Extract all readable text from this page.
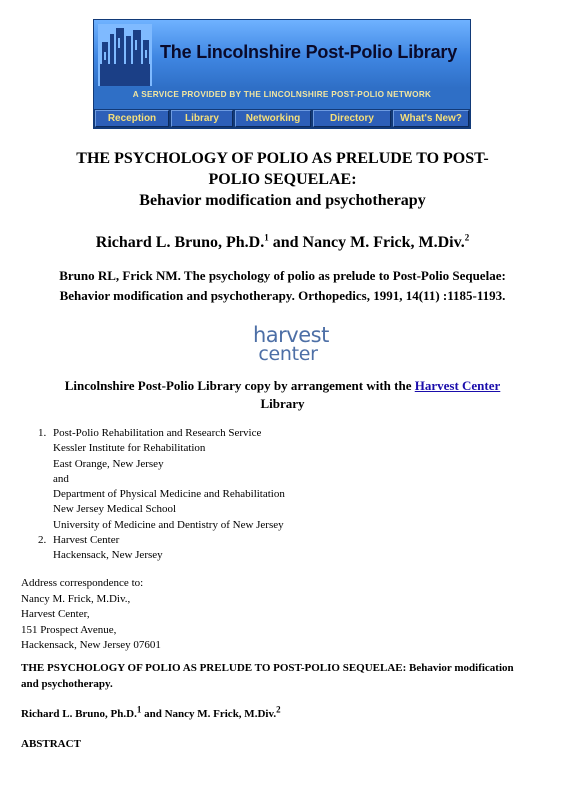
The Lincolnshire Post-Polio Library
A SERVICE PROVIDED BY THE LINCOLNSHIRE POST-POLIO NETWORK
Reception	Library	Networking	Directory	What's New?
THE PSYCHOLOGY OF POLIO AS PRELUDE TO POST-
POLIO SEQUELAE:
Behavior modification and psychotherapy
Richard L. Bruno, Ph.D.$^1$ and Nancy M. Frick, M.Div.$^2$
Bruno RL, Frick NM. The psychology of polio as prelude to Post-Polio Sequelae:
Behavior modification and psychotherapy. Orthopedics, 1991, 14(11) :1185-1193.
harvest
center
Lincolnshire Post-Polio Library copy by arrangement with the Harvest Center
Library
1. Post-Polio Rehabilitation and Research Service
Kessler Institute for Rehabilitation
East Orange, New Jersey
and
Department of Physical Medicine and Rehabilitation
New Jersey Medical School
University of Medicine and Dentistry of New Jersey
2. Harvest Center
Hackensack, New Jersey
Address correspondence to:
Nancy M. Frick, M.Div.,
Harvest Center,
151 Prospect Avenue,
Hackensack, New Jersey 07601
THE PSYCHOLOGY OF POLIO AS PRELUDE TO POST-POLIO SEQUELAE: Behavior modification and psychotherapy.
Richard L. Bruno, Ph.D.$^1$ and Nancy M. Frick, M.Div.$^2$
ABSTRACT
